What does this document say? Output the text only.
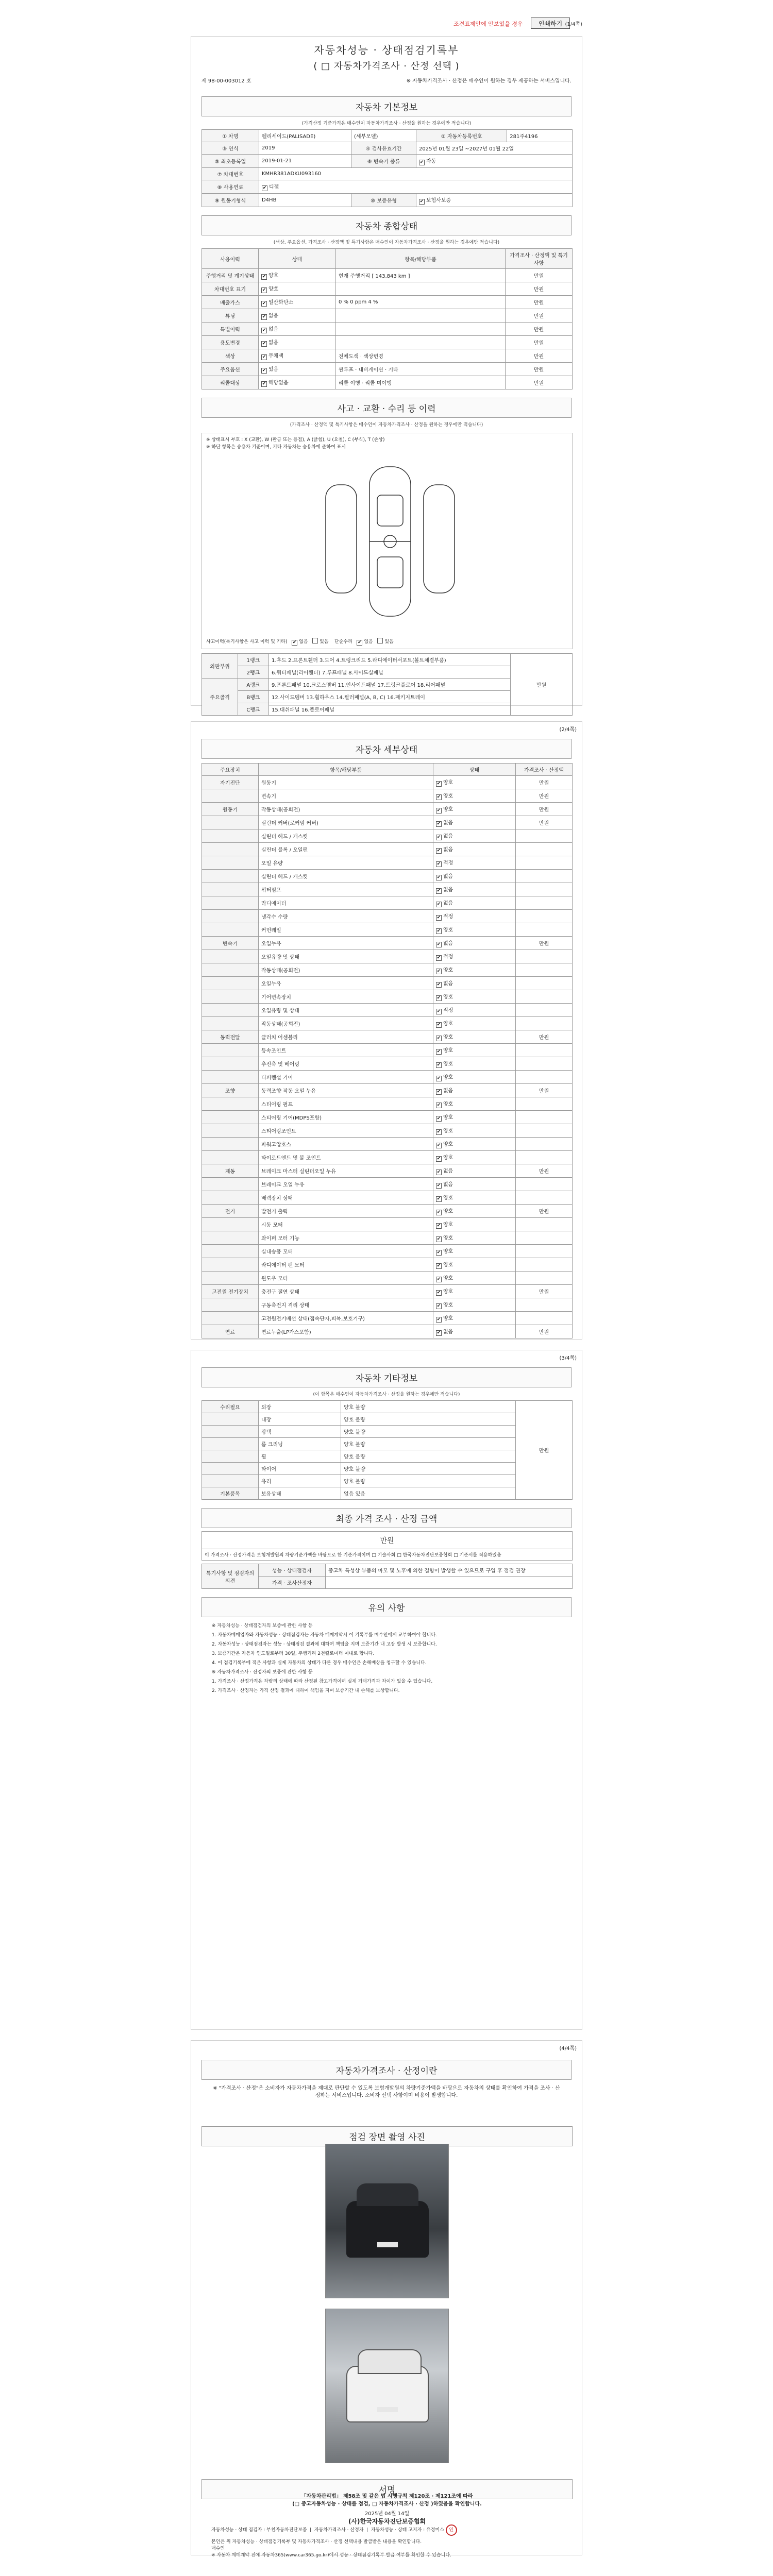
조견표제안에 안보였을 경우	인쇄하기 (1/4쪽)
자동차성능 · 상태점검기록부
( □ 자동차가격조사 · 산정 선택 )
제 98-00-003012 호	※ 자동차가격조사 · 산정은 매수인이 원하는 경우 제공하는 서비스입니다.
자동차 기본정보
(가격산정 기준가격은 매수인이 자동차가격조사 · 산정을 원하는 경우에만 적습니다)
① 차명	펠리세이드(PALISADE)	(세부모델)	② 자동차등록번호	281주4196
③ 연식	2019	④ 검사유효기간	2025년 01월 23일 ~2027년 01월 22일	
⑤ 최초등록일	2019-01-21	⑥ 변속기 종류	✔ 자동	
⑦ 차대번호	KMHR381ADKU093160			
⑧ 사용연료	✔ 디젤			
⑨ 원동기형식	D4HB	⑩ 보증유형	✔ 보험사보증	
자동차 종합상태
(색상, 주요옵션, 가격조사 · 산정액 및 특기사항은 매수인이 자동차가격조사 · 산정을 원하는 경우에만 적습니다)
사용이력	상태	항목/해당부품	가격조사 · 산정액 및 특기사항
주행거리 및 계기상태	✔ 양호	현재 주행거리 [ 143,843 km ]	만원
차대번호 표기	✔ 양호		만원
배출가스	✔ 일산화탄소	0 % 0 ppm 4 %	만원
튜닝	✔ 없음		만원
특별이력	✔ 없음		만원
용도변경	✔ 없음		만원
색상	✔ 무채색	전체도색 · 색상변경	만원
주요옵션	✔ 있음	썬루프 · 내비게이션 · 기타	만원
리콜대상	✔ 해당없음	리콜 이행 · 리콜 미이행	만원
사고 · 교환 · 수리 등 이력
(가격조사 · 산정액 및 특기사항은 매수인이 자동차가격조사 · 산정을 원하는 경우에만 적습니다)
※ 상태표시 부호 : X (교환), W (판금 또는 용접), A (긁힘), U (요철), C (부식), T (손상)
※ 하단 항목은 승용차 기준이며, 기타 자동차는 승용차에 준하여 표시
사고이력(특기사항은 사고 이력 및 기타) ✔ 없음	있음 단순수리 ✔ 없음	있음
외판부위	1랭크	1.후드 2.프론트휀더 3.도어 4.트렁크리드 5.라디에이터서포트(볼트체결부품)	만원
	2랭크	6.쿼터패널(리어휀더) 7.루프패널 8.사이드실패널	
주요골격	A랭크	9.프론트패널 10.크로스멤버 11.인사이드패널 17.트렁크플로어 18.리어패널	
	B랭크	12.사이드멤버 13.휠하우스 14.필러패널(A, B, C) 16.패키지트레이	
	C랭크	15.대쉬패널 16.플로어패널	
(2/4쪽)
자동차 세부상태
주요장치	항목/해당부품	상태	가격조사 · 산정액
자기진단	원동기	✔ 양호	만원
	변속기	✔ 양호	만원
원동기	작동상태(공회전)	✔ 양호	만원
	실린더 커버(로커암 커버)	✔ 없음	만원
	실린더 헤드 / 개스킷	✔ 없음	
	실린더 블록 / 오일팬	✔ 없음	
	오일 유량	✔ 적정	
	실린더 헤드 / 개스킷	✔ 없음	
	워터펌프	✔ 없음	
	라디에이터	✔ 없음	
	냉각수 수량	✔ 적정	
	커먼레일	✔ 양호	
변속기	오일누유	✔ 없음	만원
	오일유량 및 상태	✔ 적정	
	작동상태(공회전)	✔ 양호	
	오일누유	✔ 없음	
	기어변속장치	✔ 양호	
	오일유량 및 상태	✔ 적정	
	작동상태(공회전)	✔ 양호	
동력전달	클러치 어셈블리	✔ 양호	만원
	등속조인트	✔ 양호	
	추진축 및 베어링	✔ 양호	
	디퍼렌셜 기어	✔ 양호	
조향	동력조향 작동 오일 누유	✔ 없음	만원
	스티어링 펌프	✔ 양호	
	스티어링 기어(MDPS포함)	✔ 양호	
	스티어링조인트	✔ 양호	
	파워고압호스	✔ 양호	
	타이로드엔드 및 볼 조인트	✔ 양호	
제동	브레이크 마스터 실린더오일 누유	✔ 없음	만원
	브레이크 오일 누유	✔ 없음	
	배력장치 상태	✔ 양호	
전기	발전기 출력	✔ 양호	만원
	시동 모터	✔ 양호	
	와이퍼 모터 기능	✔ 양호	
	실내송풍 모터	✔ 양호	
	라디에이터 팬 모터	✔ 양호	
	윈도우 모터	✔ 양호	
고전원 전기장치	충전구 절연 상태	✔ 양호	만원
	구동축전지 격리 상태	✔ 양호	
	고전원전기배선 상태(접속단자,피복,보호기구)	✔ 양호	
연료	연료누출(LP가스포함)	✔ 없음	만원
(3/4쪽)
자동차 기타정보
(이 항목은 매수인이 자동차가격조사 · 산정을 원하는 경우에만 적습니다)
수리필요	외장	양호 불량	만원
	내장	양호 불량	
	광택	양호 불량	
	룸 크리닝	양호 불량	
	휠	양호 불량	
	타이어	양호 불량	
	유리	양호 불량	
기본품목	보유상태	없음 있음	
최종 가격 조사 · 산정 금액
만원
이 가격조사 · 산정가격은 보험개발원의 차량기준가액을 바탕으로 한 기준가격이며 □ 기술사회 □ 한국자동차진단보증협회 □ 기준서를 적용하였음
특기사항 및 점검자의 의견	성능 · 상태점검자	중고차 특성상 부품의 마모 및 노후에 의한 결함이 발생할 수 있으므로 구입 후 점검 권장
	가격 · 조사산정자	
유의 사항

※ 자동차성능 · 상태점검자의 보증에 관한 사항 등

1. 자동차매매업자와 자동차성능 · 상태점검자는 자동차 매매계약시 이 기록부를 매수인에게 교부하여야 합니다.

2. 자동차성능 · 상태점검자는 성능 · 상태점검 결과에 대하여 책임을 지며 보증기간 내 고장 발생 시 보증합니다.

3. 보증기간은 자동차 인도일로부터 30일, 주행거리 2천킬로미터 이내로 합니다.

4. 이 점검기록부에 적은 사항과 실제 자동차의 상태가 다른 경우 매수인은 손해배상을 청구할 수 있습니다.

※ 자동차가격조사 · 산정자의 보증에 관한 사항 등

1. 가격조사 · 산정가격은 차량의 상태에 따라 산정된 참고가격이며 실제 거래가격과 차이가 있을 수 있습니다.

2. 가격조사 · 산정자는 가격 산정 결과에 대하여 책임을 지며 보증기간 내 손해를 보상합니다.

(4/4쪽)
자동차가격조사 · 산정이란
※ "가격조사 · 산정"은 소비자가 자동차가격을 제대로 판단할 수 있도록 보험개발원의 차량기준가액을 바탕으로 자동차의 상태를 확인하여 가격을 조사 · 산정하는 서비스입니다. 소비자 선택 사항이며 비용이 발생합니다.
점검 장면 촬영 사진
서명
「자동차관리법」 제58조 및 같은 법 시행규칙 제120조 · 제121조에 따라
(□ 중고자동차성능 · 상태를 점검, □ 자동차가격조사 · 산정 )하였음을 확인합니다.
2025년 04월 14일
(사)한국자동차진단보증협회
자동차성능 · 상태 점검자 : 부천자동차진단보증  |  자동차가격조사 · 산정자  |  자동차성능 · 상태 고지자 : 유정미스 인
본인은 위 자동차성능 · 상태점검기록부 및 자동차가격조사 · 산정 선택내용 발급받은 내용을 확인합니다.
매수인
※ 자동차 매매계약 전에 자동차365(www.car365.go.kr)에서 성능 · 상태점검기록부 발급 여부를 확인할 수 있습니다.
